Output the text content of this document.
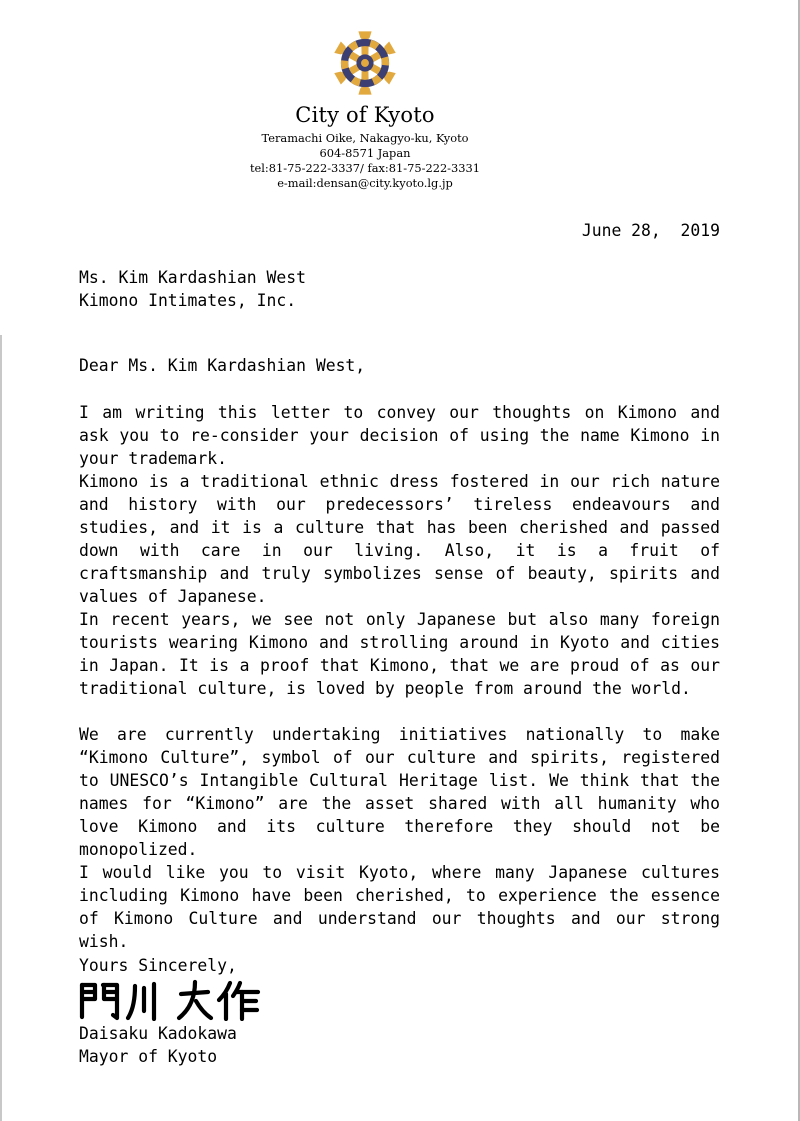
City of Kyoto
Teramachi Oike, Nakagyo-ku, Kyoto
604-8571 Japan
tel:81-75-222-3337/ fax:81-75-222-3331
e-mail:densan@city.kyoto.lg.jp
June 28,  2019
Ms. Kim Kardashian West
Kimono Intimates, Inc.
Dear Ms. Kim Kardashian West,
I am writing this letter to convey our thoughts on Kimono and ask you to re-consider your decision of using the name Kimono in your trademark.
Kimono is a traditional ethnic dress fostered in our rich nature and history with our predecessors’ tireless endeavours and studies, and it is a culture that has been cherished and passed down with care in our living. Also, it is a fruit of craftsmanship and truly symbolizes sense of beauty, spirits and values of Japanese.
In recent years, we see not only Japanese but also many foreign tourists wearing Kimono and strolling around in Kyoto and cities in Japan. It is a proof that Kimono, that we are proud of as our traditional culture, is loved by people from around the world.
We are currently undertaking initiatives nationally to make “Kimono Culture”, symbol of our culture and spirits, registered to UNESCO’s Intangible Cultural Heritage list. We think that the names for “Kimono” are the asset shared with all humanity who love Kimono and its culture therefore they should not be monopolized.
I would like you to visit Kyoto, where many Japanese cultures including Kimono have been cherished, to experience the essence of Kimono Culture and understand our thoughts and our strong wish.
Yours Sincerely,
Daisaku Kadokawa
Mayor of Kyoto
